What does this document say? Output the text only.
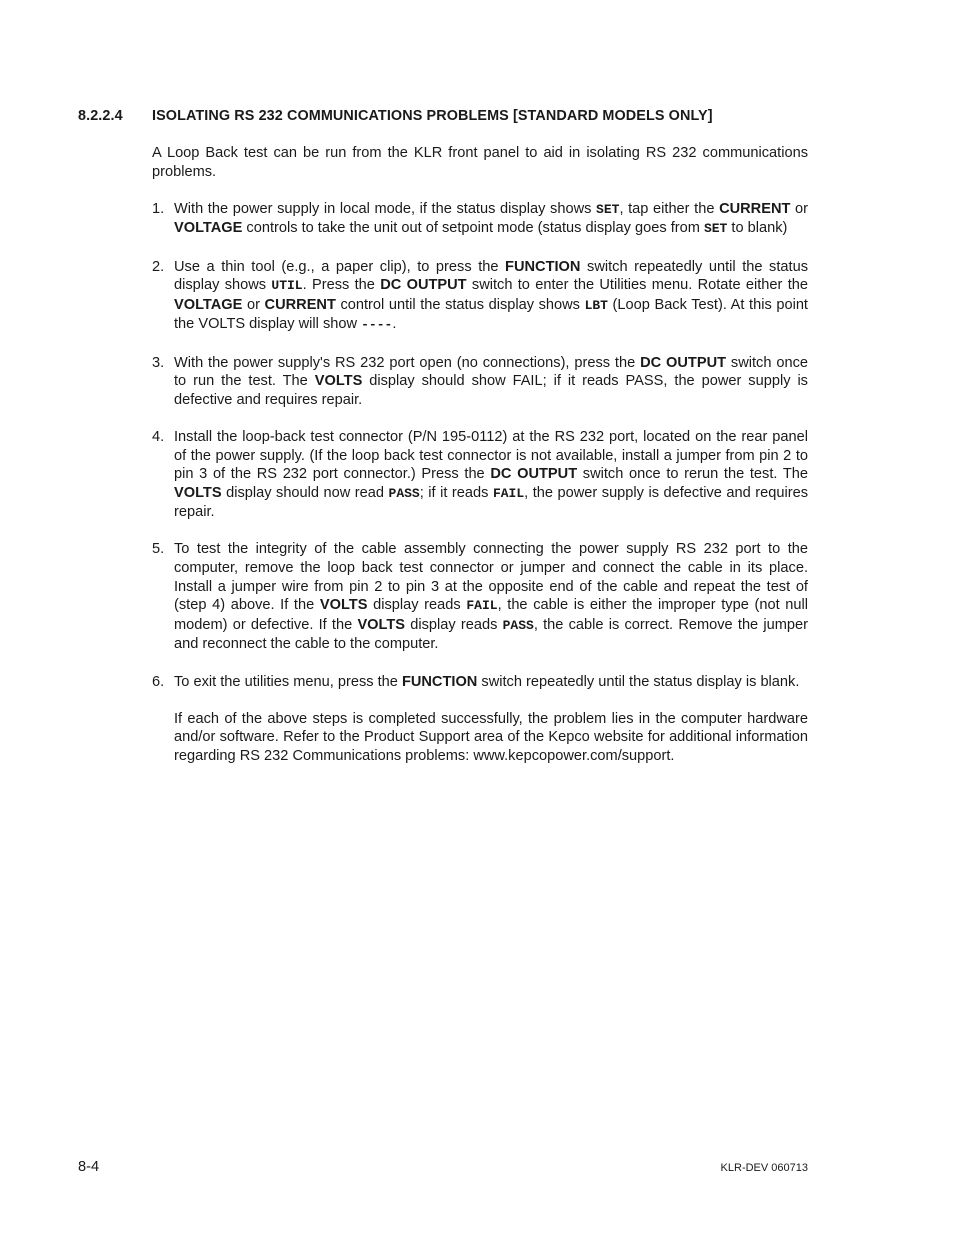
8.2.2.4 ISOLATING RS 232 COMMUNICATIONS PROBLEMS [STANDARD MODELS ONLY]

A Loop Back test can be run from the KLR front panel to aid in isolating RS 232 communications problems.

1. With the power supply in local mode, if the status display shows SET, tap either the CURRENT or VOLTAGE controls to take the unit out of setpoint mode (status display goes from SET to blank)
2. Use a thin tool (e.g., a paper clip), to press the FUNCTION switch repeatedly until the status display shows UTIL. Press the DC OUTPUT switch to enter the Utilities menu. Rotate either the VOLTAGE or CURRENT control until the status display shows LBT (Loop Back Test). At this point the VOLTS display will show ----.
3. With the power supply's RS 232 port open (no connections), press the DC OUTPUT switch once to run the test. The VOLTS display should show FAIL; if it reads PASS, the power supply is defective and requires repair.
4. Install the loop-back test connector (P/N 195-0112) at the RS 232 port, located on the rear panel of the power supply. (If the loop back test connector is not available, install a jumper from pin 2 to pin 3 of the RS 232 port connector.) Press the DC OUTPUT switch once to rerun the test. The VOLTS display should now read PASS; if it reads FAIL, the power supply is defective and requires repair.
5. To test the integrity of the cable assembly connecting the power supply RS 232 port to the computer, remove the loop back test connector or jumper and connect the cable in its place. Install a jumper wire from pin 2 to pin 3 at the opposite end of the cable and repeat the test of (step 4) above. If the VOLTS display reads FAIL, the cable is either the improper type (not null modem) or defective. If the VOLTS display reads PASS, the cable is correct. Remove the jumper and reconnect the cable to the computer.
6. To exit the utilities menu, press the FUNCTION switch repeatedly until the status display is blank.

If each of the above steps is completed successfully, the problem lies in the computer hardware and/or software. Refer to the Product Support area of the Kepco website for additional information regarding RS 232 Communications problems: www.kepcopower.com/support.

8-4	KLR-DEV 060713
